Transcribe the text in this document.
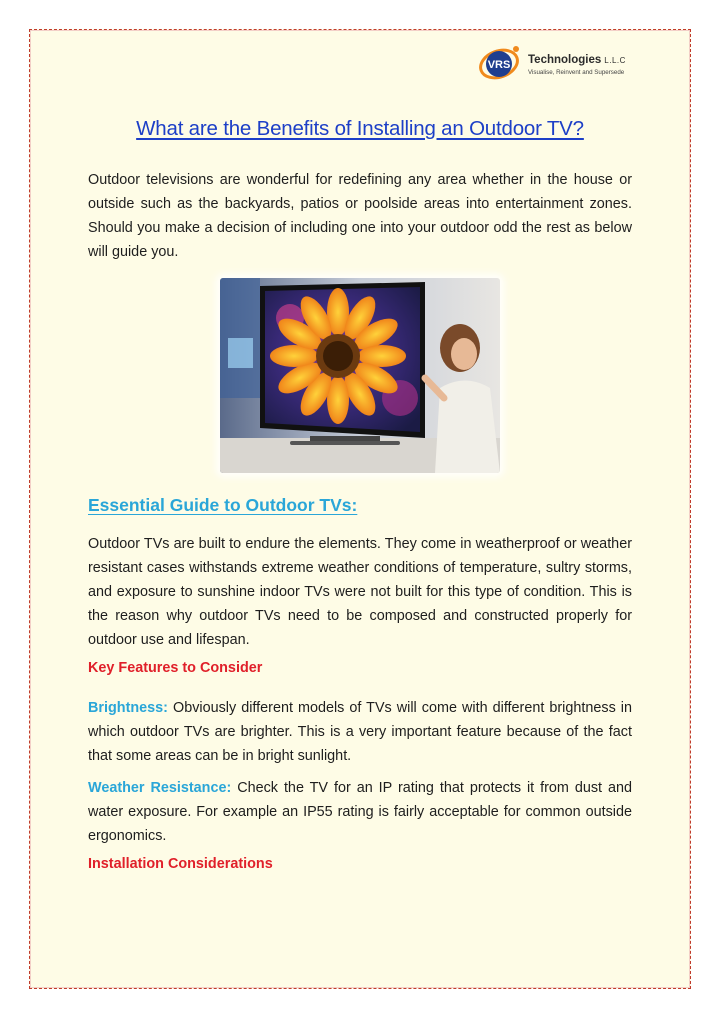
VRS Technologies L.L.C
Visualise, Reinvent and Supersede
What are the Benefits of Installing an Outdoor TV?

Outdoor televisions are wonderful for redefining any area whether in the house or outside such as the backyards, patios or poolside areas into entertainment zones. Should you make a decision of including one into your outdoor odd the rest as below will guide you.

Essential Guide to Outdoor TVs:

Outdoor TVs are built to endure the elements. They come in weatherproof or weather resistant cases withstands extreme weather conditions of temperature, sultry storms, and exposure to sunshine indoor TVs were not built for this type of condition. This is the reason why outdoor TVs need to be composed and constructed properly for outdoor use and lifespan.

Key Features to Consider

Brightness: Obviously different models of TVs will come with different brightness in which outdoor TVs are brighter. This is a very important feature because of the fact that some areas can be in bright sunlight.

Weather Resistance: Check the TV for an IP rating that protects it from dust and water exposure. For example an IP55 rating is fairly acceptable for common outside ergonomics.

Installation Considerations
